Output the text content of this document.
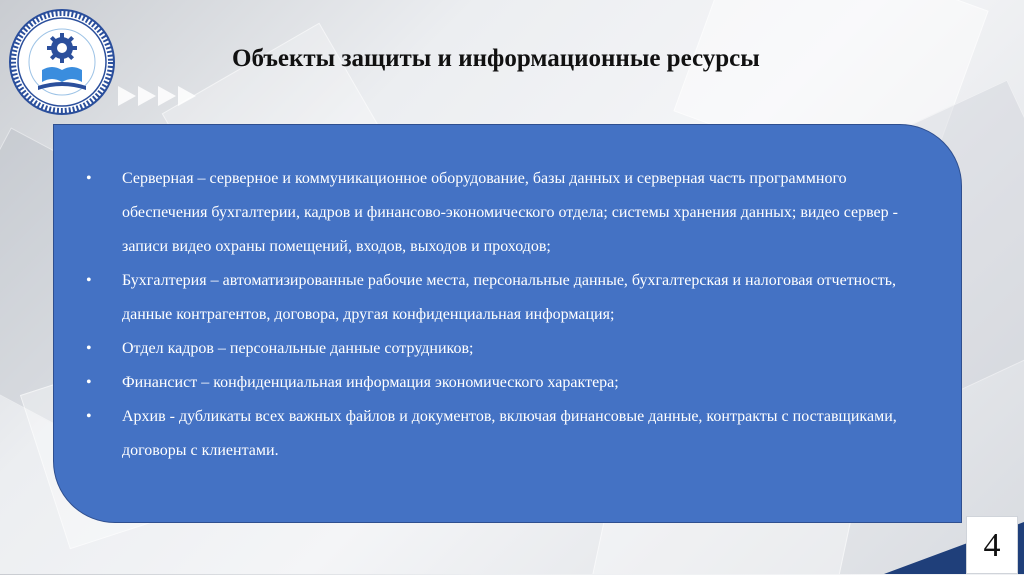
Объекты защиты и информационные ресурсы
• Серверная – серверное и коммуникационное оборудование, базы данных и серверная часть программного обеспечения бухгалтерии, кадров и финансово-экономического отдела; системы хранения данных; видео сервер - записи видео охраны помещений, входов, выходов и проходов;
• Бухгалтерия – автоматизированные рабочие места, персональные данные, бухгалтерская и налоговая отчетность, данные контрагентов, договора, другая конфиденциальная информация;
• Отдел кадров – персональные данные сотрудников;
• Финансист – конфиденциальная информация экономического характера;
• Архив - дубликаты всех важных файлов и документов, включая финансовые данные, контракты с поставщиками, договоры с клиентами.
4
